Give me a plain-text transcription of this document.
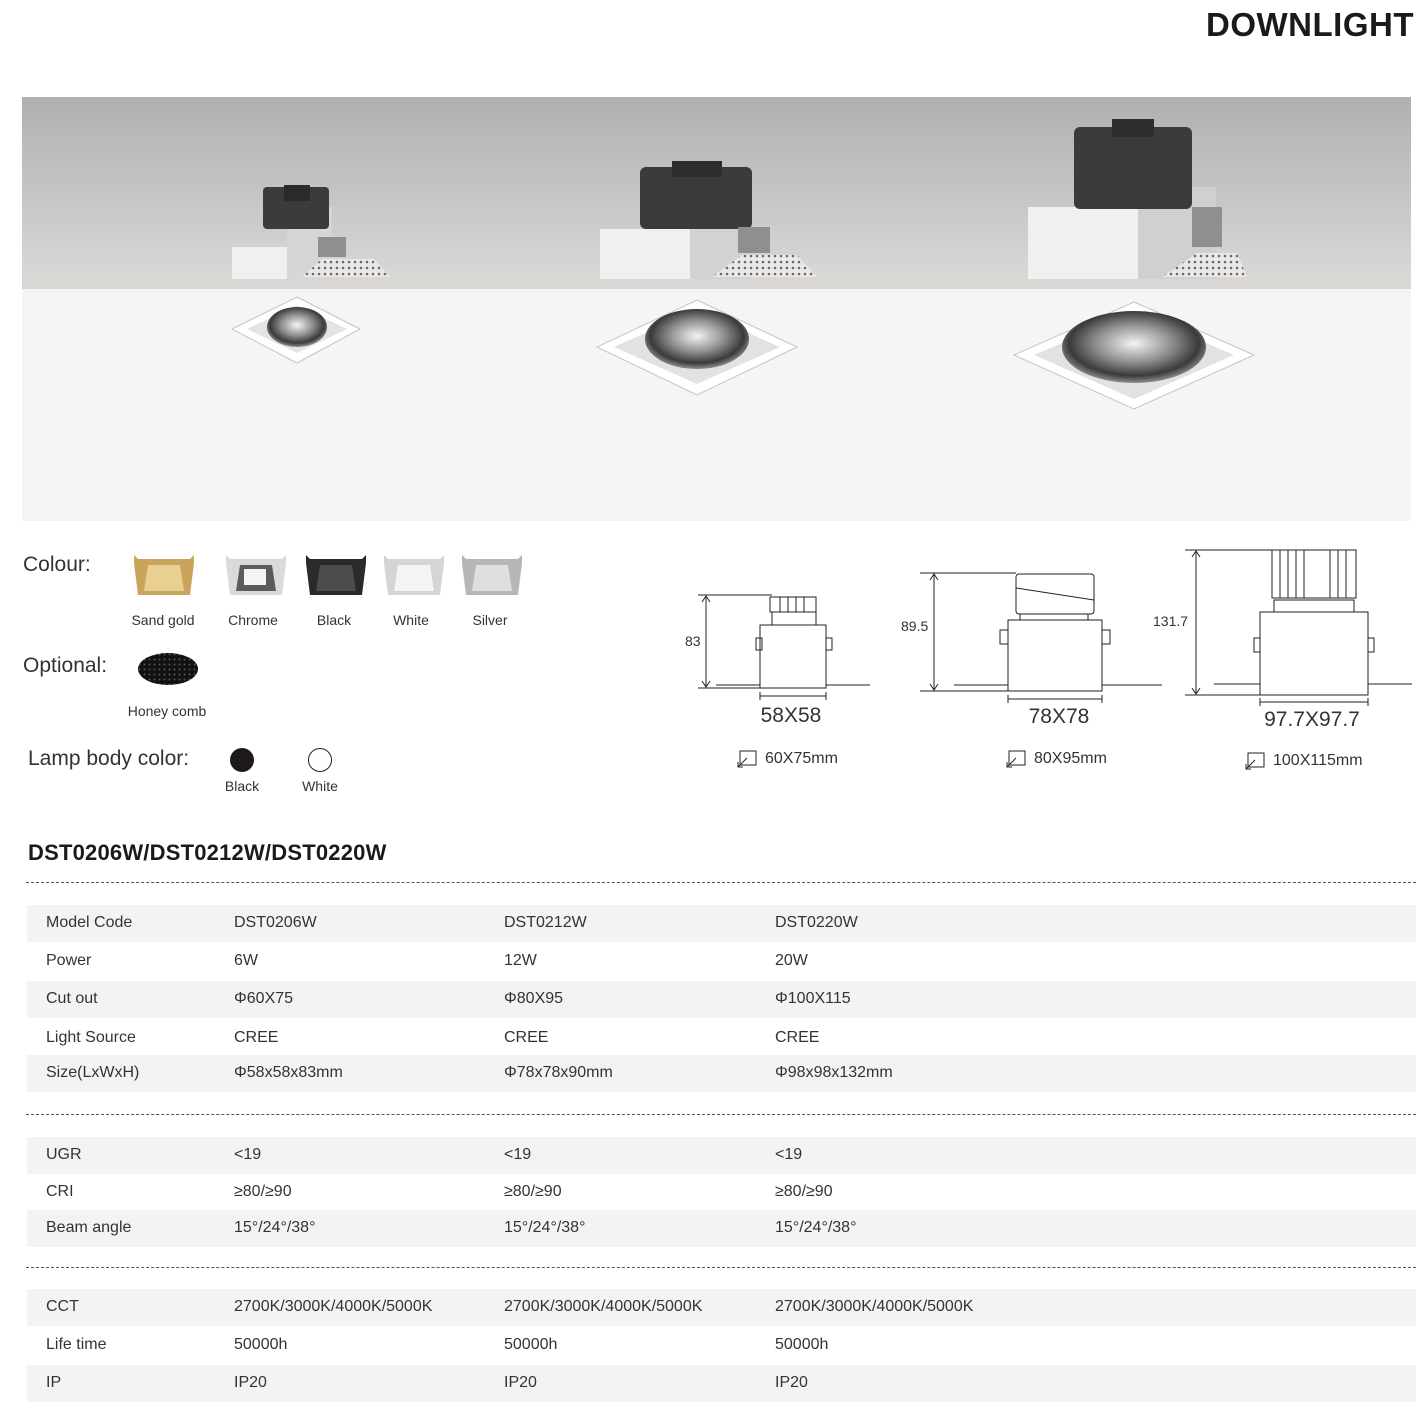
DOWNLIGHT
Colour:
Sand gold	Chrome	Black	White	Silver
Optional:
Honey comb
Lamp body color:
Black	White
83
89.5	131.7
58X58	78X78	97.7X97.7
60X75mm	80X95mm	100X115mm
DST0206W/DST0212W/DST0220W
Model Code	DST0206W	DST0212W	DST0220W
Power	6W	12W	20W
Cut out	Φ60X75	Φ80X95	Φ100X115
Light Source	CREE	CREE	CREE
Size(LxWxH)	Φ58x58x83mm	Φ78x78x90mm	Φ98x98x132mm
UGR	<19	<19	<19
CRI	≥80/≥90	≥80/≥90	≥80/≥90
Beam angle	15°/24°/38°	15°/24°/38°	15°/24°/38°
CCT	2700K/3000K/4000K/5000K	2700K/3000K/4000K/5000K	2700K/3000K/4000K/5000K
Life time	50000h	50000h	50000h
IP	IP20	IP20	IP20
